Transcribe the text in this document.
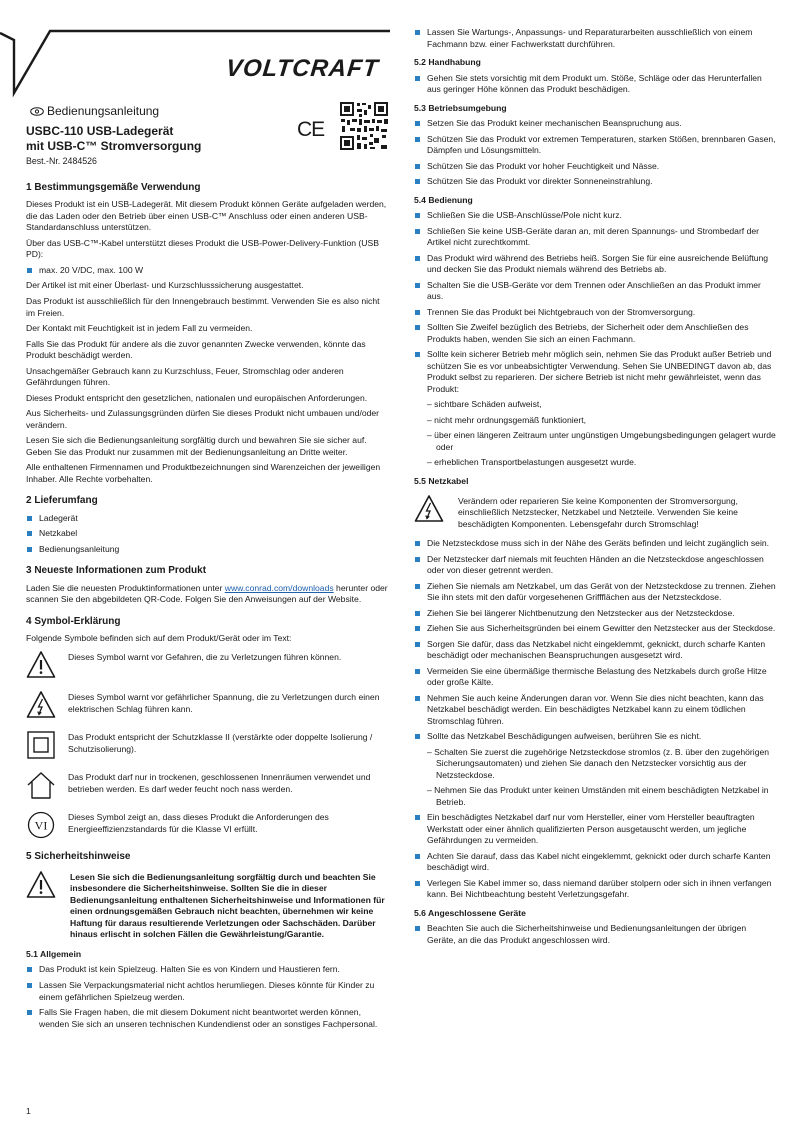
VOLTCRAFT
Bedienungsanleitung
USBC-110 USB-Ladegerät
mit USB-C™ Stromversorgung
Best.-Nr. 2484526
CE
1 Bestimmungsgemäße Verwendung
Dieses Produkt ist ein USB-Ladegerät. Mit diesem Produkt können Geräte aufgeladen werden, die das Laden oder den Betrieb über einen USB-C™ Anschluss oder einen anderen USB-Standardanschluss unterstützen.
Über das USB-C™-Kabel unterstützt dieses Produkt die USB-Power-Delivery-Funktion (USB PD):
max. 20 V/DC, max. 100 W
Der Artikel ist mit einer Überlast- und Kurzschlusssicherung ausgestattet.
Das Produkt ist ausschließlich für den Innengebrauch bestimmt. Verwenden Sie es also nicht im Freien.
Der Kontakt mit Feuchtigkeit ist in jedem Fall zu vermeiden.
Falls Sie das Produkt für andere als die zuvor genannten Zwecke verwenden, könnte das Produkt beschädigt werden.
Unsachgemäßer Gebrauch kann zu Kurzschluss, Feuer, Stromschlag oder anderen Gefährdungen führen.
Dieses Produkt entspricht den gesetzlichen, nationalen und europäischen Anforderungen.
Aus Sicherheits- und Zulassungsgründen dürfen Sie dieses Produkt nicht umbauen und/oder verändern.
Lesen Sie sich die Bedienungsanleitung sorgfältig durch und bewahren Sie sie sicher auf. Geben Sie das Produkt nur zusammen mit der Bedienungsanleitung an Dritte weiter.
Alle enthaltenen Firmennamen und Produktbezeichnungen sind Warenzeichen der jeweiligen Inhaber. Alle Rechte vorbehalten.
2 Lieferumfang
Ladegerät
Netzkabel
Bedienungsanleitung
3 Neueste Informationen zum Produkt
Laden Sie die neuesten Produktinformationen unter www.conrad.com/downloads herunter oder scannen Sie den abgebildeten QR-Code. Folgen Sie den Anweisungen auf der Website.
4 Symbol-Erklärung
Folgende Symbole befinden sich auf dem Produkt/Gerät oder im Text:
Dieses Symbol warnt vor Gefahren, die zu Verletzungen führen können.
Dieses Symbol warnt vor gefährlicher Spannung, die zu Verletzungen durch einen elektrischen Schlag führen kann.
Das Produkt entspricht der Schutzklasse II (verstärkte oder doppelte Isolierung / Schutzisolierung).
Das Produkt darf nur in trockenen, geschlossenen Innenräumen verwendet und betrieben werden. Es darf weder feucht noch nass werden.
VI
Dieses Symbol zeigt an, dass dieses Produkt die Anforderungen des Energieeffizienzstandards für die Klasse VI erfüllt.
5 Sicherheitshinweise
Lesen Sie sich die Bedienungsanleitung sorgfältig durch und beachten Sie insbesondere die Sicherheitshinweise. Sollten Sie die in dieser Bedienungsanleitung enthaltenen Sicherheitshinweise und Informationen für einen ordnungsgemäßen Gebrauch nicht beachten, übernehmen wir keine Haftung für daraus resultierende Verletzungen oder Sachschäden. Darüber hinaus erlischt in solchen Fällen die Gewährleistung/Garantie.
5.1 Allgemein
Das Produkt ist kein Spielzeug. Halten Sie es von Kindern und Haustieren fern.
Lassen Sie Verpackungsmaterial nicht achtlos herumliegen. Dieses könnte für Kinder zu einem gefährlichen Spielzeug werden.
Falls Sie Fragen haben, die mit diesem Dokument nicht beantwortet werden können, wenden Sie sich an unseren technischen Kundendienst oder an sonstiges Fachpersonal.
1
Lassen Sie Wartungs-, Anpassungs- und Reparaturarbeiten ausschließlich von einem Fachmann bzw. einer Fachwerkstatt durchführen.
5.2 Handhabung
Gehen Sie stets vorsichtig mit dem Produkt um. Stöße, Schläge oder das Herunterfallen aus geringer Höhe können das Produkt beschädigen.
5.3 Betriebsumgebung
Setzen Sie das Produkt keiner mechanischen Beanspruchung aus.
Schützen Sie das Produkt vor extremen Temperaturen, starken Stößen, brennbaren Gasen, Dämpfen und Lösungsmitteln.
Schützen Sie das Produkt vor hoher Feuchtigkeit und Nässe.
Schützen Sie das Produkt vor direkter Sonneneinstrahlung.
5.4 Bedienung
Schließen Sie die USB-Anschlüsse/Pole nicht kurz.
Schließen Sie keine USB-Geräte daran an, mit deren Spannungs- und Strombedarf der Artikel nicht zurechtkommt.
Das Produkt wird während des Betriebs heiß. Sorgen Sie für eine ausreichende Belüftung und decken Sie das Produkt niemals während des Betriebs ab.
Schalten Sie die USB-Geräte vor dem Trennen oder Anschließen an das Produkt immer aus.
Trennen Sie das Produkt bei Nichtgebrauch von der Stromversorgung.
Sollten Sie Zweifel bezüglich des Betriebs, der Sicherheit oder dem Anschließen des Produkts haben, wenden Sie sich an einen Fachmann.
Sollte kein sicherer Betrieb mehr möglich sein, nehmen Sie das Produkt außer Betrieb und schützen Sie es vor unbeabsichtigter Verwendung. Sehen Sie UNBEDINGT davon ab, das Produkt selbst zu reparieren. Der sichere Betrieb ist nicht mehr gewährleistet, wenn das Produkt:
– sichtbare Schäden aufweist,
– nicht mehr ordnungsgemäß funktioniert,
– über einen längeren Zeitraum unter ungünstigen Umgebungsbedingungen gelagert wurde oder
– erheblichen Transportbelastungen ausgesetzt wurde.
5.5 Netzkabel
Verändern oder reparieren Sie keine Komponenten der Stromversorgung, einschließlich Netzstecker, Netzkabel und Netzteile. Verwenden Sie keine beschädigten Komponenten. Lebensgefahr durch Stromschlag!
Die Netzsteckdose muss sich in der Nähe des Geräts befinden und leicht zugänglich sein.
Der Netzstecker darf niemals mit feuchten Händen an die Netzsteckdose angeschlossen oder von dieser getrennt werden.
Ziehen Sie niemals am Netzkabel, um das Gerät von der Netzsteckdose zu trennen. Ziehen Sie ihn stets mit den dafür vorgesehenen Griffflächen aus der Netzsteckdose.
Ziehen Sie bei längerer Nichtbenutzung den Netzstecker aus der Netzsteckdose.
Ziehen Sie aus Sicherheitsgründen bei einem Gewitter den Netzstecker aus der Steckdose.
Sorgen Sie dafür, dass das Netzkabel nicht eingeklemmt, geknickt, durch scharfe Kanten beschädigt oder mechanischen Beanspruchungen ausgesetzt wird.
Vermeiden Sie eine übermäßige thermische Belastung des Netzkabels durch große Hitze oder große Kälte.
Nehmen Sie auch keine Änderungen daran vor. Wenn Sie dies nicht beachten, kann das Netzkabel beschädigt werden. Ein beschädigtes Netzkabel kann zu einem tödlichen Stromschlag führen.
Sollte das Netzkabel Beschädigungen aufweisen, berühren Sie es nicht.
– Schalten Sie zuerst die zugehörige Netzsteckdose stromlos (z. B. über den zugehörigen Sicherungsautomaten) und ziehen Sie danach den Netzstecker vorsichtig aus der Netzsteckdose.
– Nehmen Sie das Produkt unter keinen Umständen mit einem beschädigten Netzkabel in Betrieb.
Ein beschädigtes Netzkabel darf nur vom Hersteller, einer vom Hersteller beauftragten Werkstatt oder einer ähnlich qualifizierten Person ausgetauscht werden, um jegliche Gefährdungen zu vermeiden.
Achten Sie darauf, dass das Kabel nicht eingeklemmt, geknickt oder durch scharfe Kanten beschädigt wird.
Verlegen Sie Kabel immer so, dass niemand darüber stolpern oder sich in ihnen verfangen kann. Bei Nichtbeachtung besteht Verletzungsgefahr.
5.6 Angeschlossene Geräte
Beachten Sie auch die Sicherheitshinweise und Bedienungsanleitungen der übrigen Geräte, an die das Produkt angeschlossen wird.
